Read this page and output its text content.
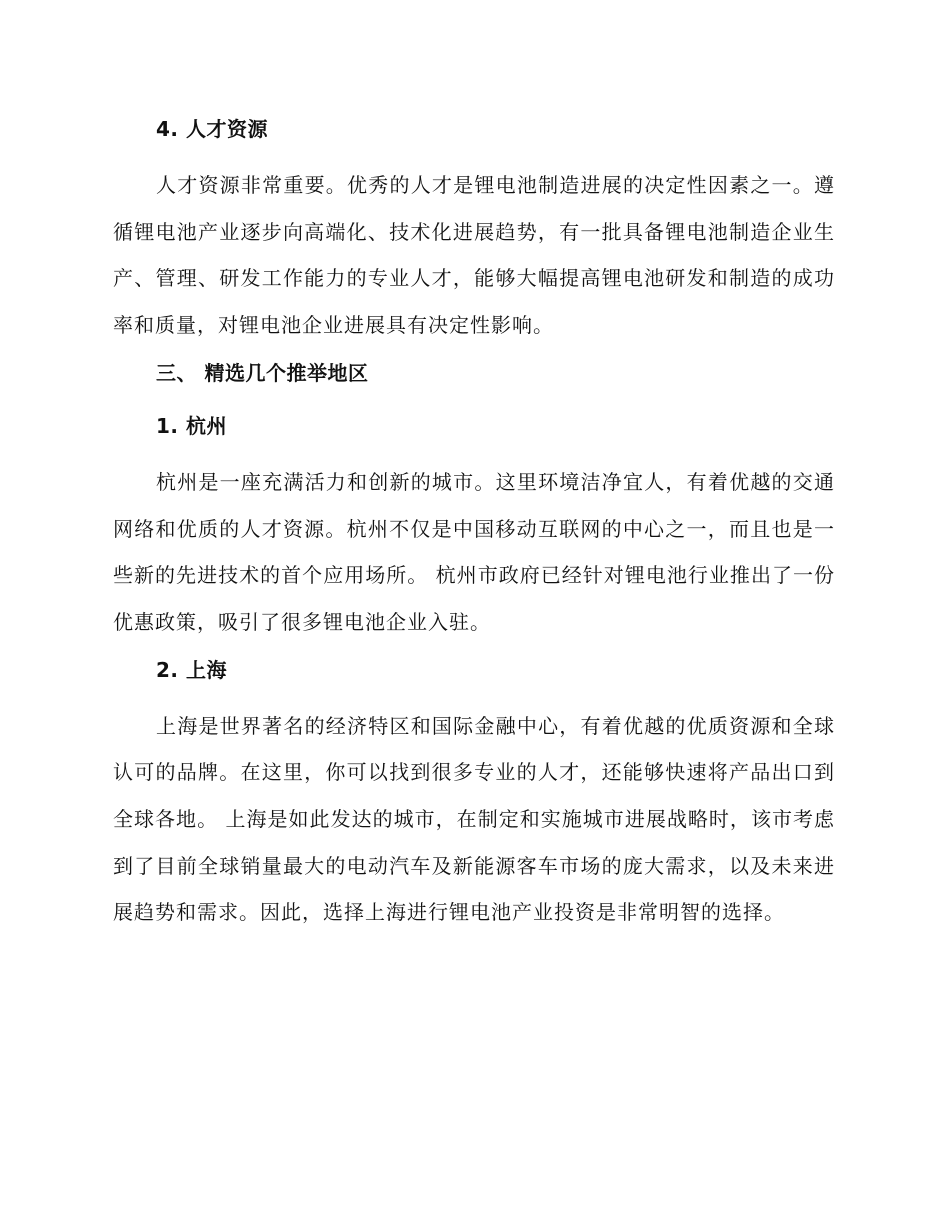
4. 人才资源

人才资源非常重要。优秀的人才是锂电池制造进展的决定性因素之一。遵循锂电池产业逐步向高端化、技术化进展趋势，有一批具备锂电池制造企业生产、管理、研发工作能力的专业人才，能够大幅提高锂电池研发和制造的成功率和质量，对锂电池企业进展具有决定性影响。

三、 精选几个推举地区
1. 杭州

杭州是一座充满活力和创新的城市。这里环境洁净宜人，有着优越的交通网络和优质的人才资源。杭州不仅是中国移动互联网的中心之一，而且也是一些新的先进技术的首个应用场所。 杭州市政府已经针对锂电池行业推出了一份优惠政策，吸引了很多锂电池企业入驻。

2. 上海

上海是世界著名的经济特区和国际金融中心，有着优越的优质资源和全球认可的品牌。在这里，你可以找到很多专业的人才，还能够快速将产品出口到全球各地。 上海是如此发达的城市，在制定和实施城市进展战略时，该市考虑到了目前全球销量最大的电动汽车及新能源客车市场的庞大需求，以及未来进展趋势和需求。因此，选择上海进行锂电池产业投资是非常明智的选择。
